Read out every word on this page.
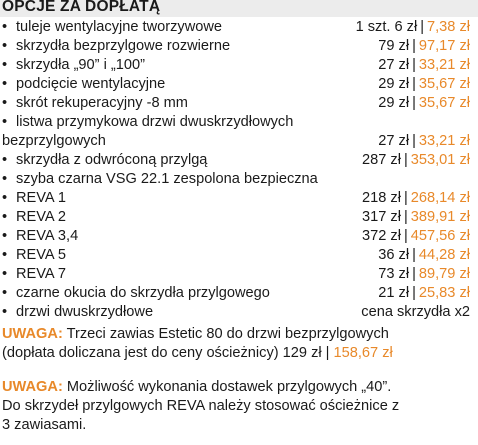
OPCJE ZA DOPŁATĄ
• tuleje wentylacyjne tworzywowe	1 szt. 6 zł | 7,38 zł
• skrzydła bezprzylgowe rozwierne	79 zł | 97,17 zł
• skrzydła „90” i „100”	27 zł | 33,21 zł
• podcięcie wentylacyjne	29 zł | 35,67 zł
• skrót rekuperacyjny -8 mm	29 zł | 35,67 zł
• listwa przymykowa drzwi dwuskrzydłowych
bezprzylgowych	27 zł | 33,21 zł
• skrzydła z odwróconą przylgą	287 zł | 353,01 zł
• szyba czarna VSG 22.1 zespolona bezpieczna
• REVA 1	218 zł | 268,14 zł
• REVA 2	317 zł | 389,91 zł
• REVA 3,4	372 zł | 457,56 zł
• REVA 5	36 zł | 44,28 zł
• REVA 7	73 zł | 89,79 zł
• czarne okucia do skrzydła przylgowego	21 zł | 25,83 zł
• drzwi dwuskrzydłowe	cena skrzydła x2
UWAGA: Trzeci zawias Estetic 80 do drzwi bezprzylgowych
(dopłata doliczana jest do ceny ościeżnicy) 129 zł | 158,67 zł
UWAGA: Możliwość wykonania dostawek przylgowych „40”.
Do skrzydeł przylgowych REVA należy stosować ościeżnice z
3 zawiasami.
